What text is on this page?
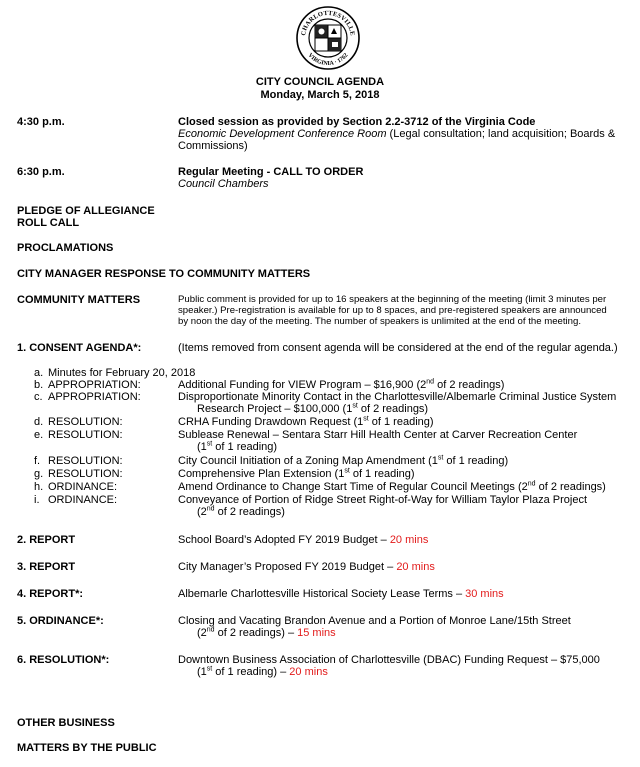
CHARLOTTESVILLE
VIRGINIA · 1762
CITY COUNCIL AGENDA
Monday, March 5, 2018
4:30 p.m.	Closed session as provided by Section 2.2-3712 of the Virginia Code
Economic Development Conference Room (Legal consultation; land acquisition; Boards &
Commissions)
6:30 p.m.	Regular Meeting - CALL TO ORDER
Council Chambers
PLEDGE OF ALLEGIANCE
ROLL CALL
PROCLAMATIONS
CITY MANAGER RESPONSE TO COMMUNITY MATTERS
COMMUNITY MATTERS	Public comment is provided for up to 16 speakers at the beginning of the meeting (limit 3 minutes per
speaker.) Pre-registration is available for up to 8 spaces, and pre-registered speakers are announced
by noon the day of the meeting. The number of speakers is unlimited at the end of the meeting.
1. CONSENT AGENDA*:	(Items removed from consent agenda will be considered at the end of the regular agenda.)
a. Minutes for February 20, 2018
b. APPROPRIATION:	Additional Funding for VIEW Program – $16,900 (2nd of 2 readings)
c. APPROPRIATION:	Disproportionate Minority Contact in the Charlottesville/Albemarle Criminal Justice System
Research Project – $100,000 (1st of 2 readings)
d. RESOLUTION:	CRHA Funding Drawdown Request (1st of 1 reading)
e. RESOLUTION:	Sublease Renewal – Sentara Starr Hill Health Center at Carver Recreation Center
(1st of 1 reading)
f. RESOLUTION:	City Council Initiation of a Zoning Map Amendment (1st of 1 reading)
g. RESOLUTION:	Comprehensive Plan Extension (1st of 1 reading)
h. ORDINANCE:	Amend Ordinance to Change Start Time of Regular Council Meetings (2nd of 2 readings)
i. ORDINANCE:	Conveyance of Portion of Ridge Street Right-of-Way for William Taylor Plaza Project
(2nd of 2 readings)
2. REPORT	School Board’s Adopted FY 2019 Budget – 20 mins
3. REPORT	City Manager’s Proposed FY 2019 Budget – 20 mins
4. REPORT*:	Albemarle Charlottesville Historical Society Lease Terms – 30 mins
5. ORDINANCE*:	Closing and Vacating Brandon Avenue and a Portion of Monroe Lane/15th Street
(2nd of 2 readings) – 15 mins
6. RESOLUTION*:	Downtown Business Association of Charlottesville (DBAC) Funding Request – $75,000
(1st of 1 reading) – 20 mins
OTHER BUSINESS
MATTERS BY THE PUBLIC
